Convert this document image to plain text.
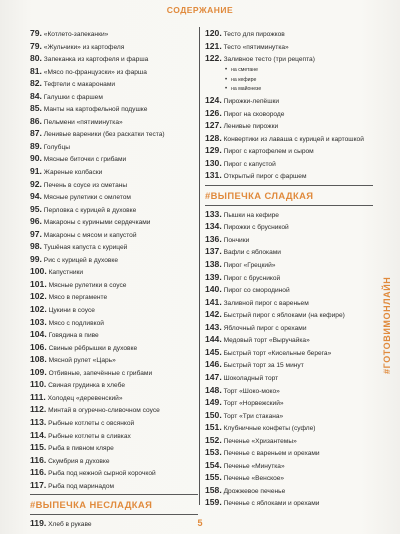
СОДЕРЖАНИЕ
79. «Котлето-запеканки»
79. «Жульчики» из картофеля
80. Запеканка из картофеля и фарша
81. «Мясо по-французски» из фарша
82. Тефтели с макаронами
84. Галушки с фаршем
85. Манты на картофельной подушке
86. Пельмени «пятиминутка»
87. Ленивые вареники (без раскатки теста)
89. Голубцы
90. Мясные биточки с грибами
91. Жареные колбаски
92. Печень в соусе из сметаны
94. Мясные рулетики с омлетом
95. Перловка с курицей в духовке
96. Макароны с куриными сердечками
97. Макароны с мясом и капустой
98. Тушёная капуста с курицей
99. Рис с курицей в духовке
100. Капустники
101. Мясные рулетики в соусе
102. Мясо в пергаменте
102. Цукини в соусе
103. Мясо с подливкой
104. Говядина в пиве
106. Свиные рёбрышки в духовке
108. Мясной рулет «Царь»
109. Отбивные, запечённые с грибами
110. Свиная грудинка в хлебе
111. Холодец «деревенский»
112. Минтай в огуречно-сливочном соусе
113. Рыбные котлеты с овсянкой
114. Рыбные котлеты в сливках
115. Рыба в пивном кляре
116. Скумбрия в духовке
116. Рыба под нежной сырной корочкой
117. Рыба под маринадом
#ВЫПЕЧКА НЕСЛАДКАЯ
119. Хлеб в рукаве
120. Тесто для пирожков
121. Тесто «пятиминутка»
122. Заливное тесто (три рецепта)
• на сметане
• на кефире
• на майонезе
124. Пирожки-лепёшки
126. Пирог на сковороде
127. Ленивые пирожки
128. Конвертики из лаваша с курицей и картошкой
129. Пирог с картофелем и сыром
130. Пирог с капустой
131. Открытый пирог с фаршем
#ВЫПЕЧКА СЛАДКАЯ
133. Пышки на кефире
134. Пирожки с брусникой
136. Пончики
137. Вафли с яблоками
138. Пирог «Грецкий»
139. Пирог с брусникой
140. Пирог со смородиной
141. Заливной пирог с вареньем
142. Быстрый пирог с яблоками (на кефире)
143. Яблочный пирог с орехами
144. Медовый торт «Выручайка»
145. Быстрый торт «Кисельные берега»
146. Быстрый торт за 15 минут
147. Шоколадный торт
148. Торт «Шоко-моко»
149. Торт «Норвежский»
150. Торт «Три стакана»
151. Клубничные конфеты (суфле)
152. Печенье «Хризантемы»
153. Печенье с вареньем и орехами
154. Печенье «Минутка»
155. Печенье «Венское»
158. Дрожжевое печенье
159. Печенье с яблоками и орехами
#ГОТОВИМОНЛАЙН
5
